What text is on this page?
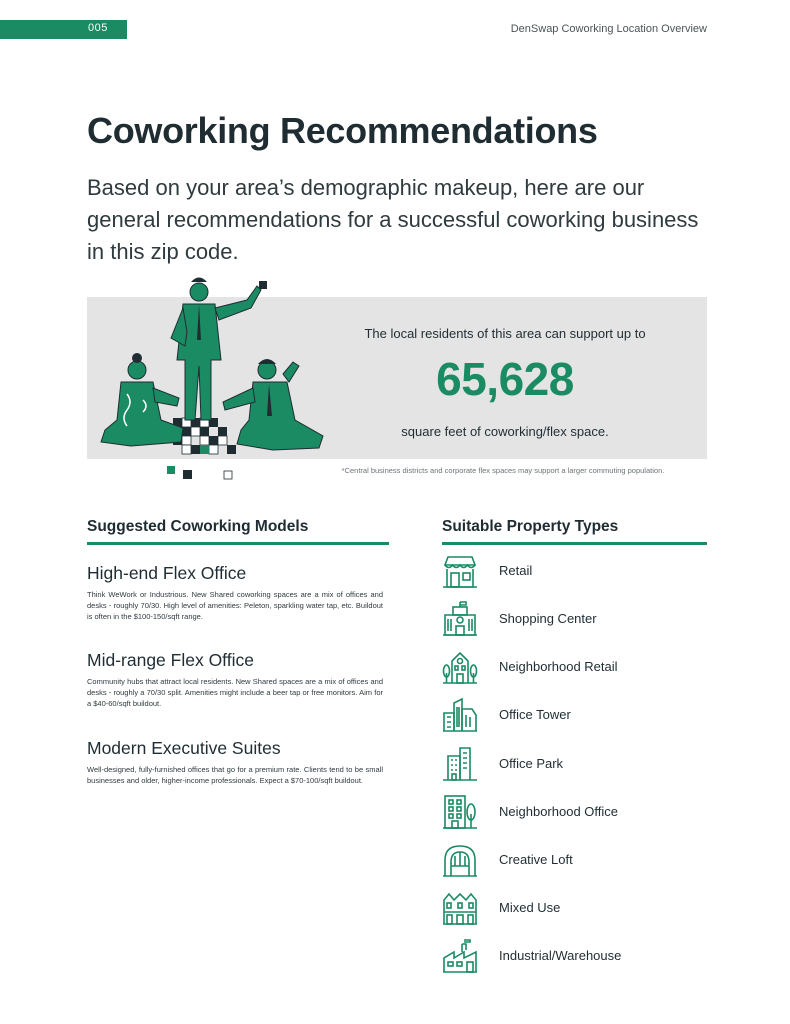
005	DenSwap Coworking Location Overview
Coworking Recommendations

Based on your area’s demographic makeup, here are our general recommendations for a successful coworking business in this zip code.

The local residents of this area can support up to
65,628
square feet of coworking/flex space.
*Central business districts and corporate flex spaces may support a larger commuting population.
Suggested Coworking Models
High-end Flex Office
Think WeWork or Industrious. New Shared coworking spaces are a mix of offices and desks - roughly 70/30. High level of amenities: Peleton, sparkling water tap, etc. Buildout is often in the $100-150/sqft range.
Mid-range Flex Office
Community hubs that attract local residents. New Shared spaces are a mix of offices and desks - roughly a 70/30 split. Amenities might include a beer tap or free monitors. Aim for a $40-60/sqft buildout.
Modern Executive Suites
Well-designed, fully-furnished offices that go for a premium rate. Clients tend to be small businesses and older, higher-income professionals. Expect a $70-100/sqft buildout.
Suitable Property Types
Retail
Shopping Center
Neighborhood Retail
Office Tower
Office Park
Neighborhood Office
Creative Loft
Mixed Use
Industrial/Warehouse
